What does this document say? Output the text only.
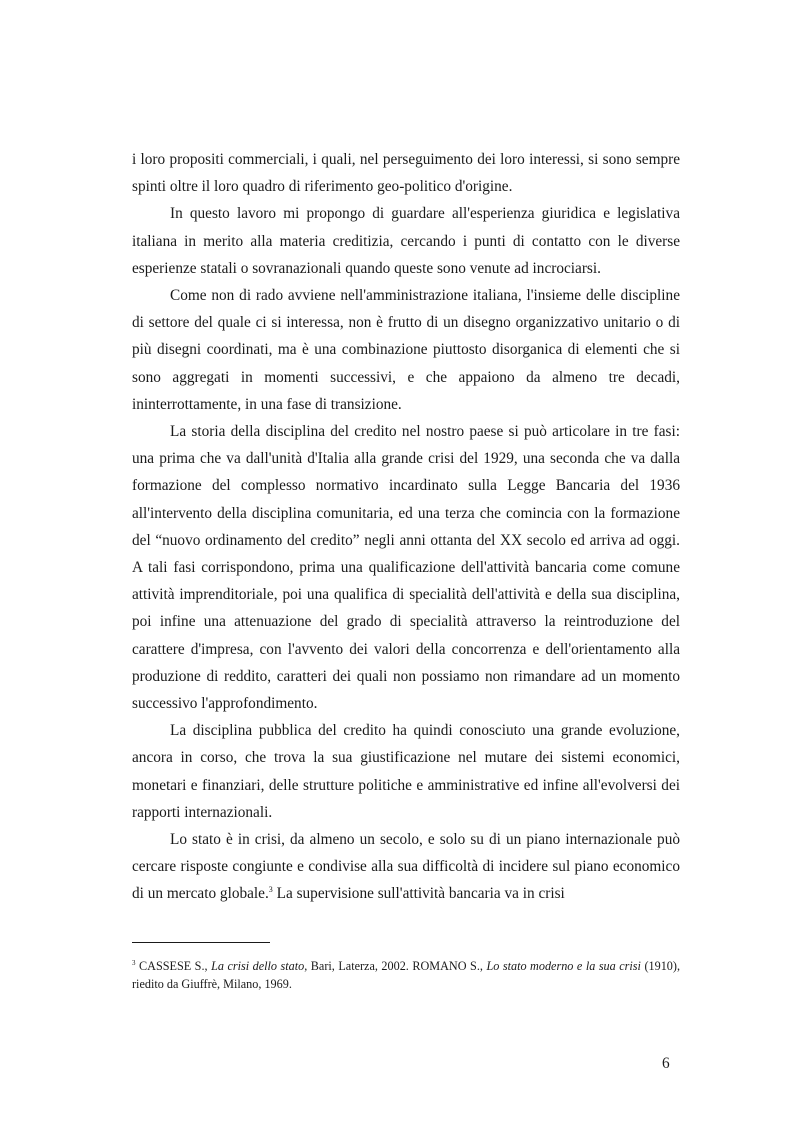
i loro propositi commerciali, i quali, nel perseguimento dei loro interessi, si sono sempre spinti oltre il loro quadro di riferimento geo-politico d'origine.

In questo lavoro mi propongo di guardare all'esperienza giuridica e legislativa italiana in merito alla materia creditizia, cercando i punti di contatto con le diverse esperienze statali o sovranazionali quando queste sono venute ad incrociarsi.

Come non di rado avviene nell'amministrazione italiana, l'insieme delle discipline di settore del quale ci si interessa, non è frutto di un disegno organizzativo unitario o di più disegni coordinati, ma è una combinazione piuttosto disorganica di elementi che si sono aggregati in momenti successivi, e che appaiono da almeno tre decadi, ininterrottamente, in una fase di transizione.

La storia della disciplina del credito nel nostro paese si può articolare in tre fasi: una prima che va dall'unità d'Italia alla grande crisi del 1929, una seconda che va dalla formazione del complesso normativo incardinato sulla Legge Bancaria del 1936 all'intervento della disciplina comunitaria, ed una terza che comincia con la formazione del “nuovo ordinamento del credito” negli anni ottanta del XX secolo ed arriva ad oggi. A tali fasi corrispondono, prima una qualificazione dell'attività bancaria come comune attività imprenditoriale, poi una qualifica di specialità dell'attività e della sua disciplina, poi infine una attenuazione del grado di specialità attraverso la reintroduzione del carattere d'impresa, con l'avvento dei valori della concorrenza e dell'orientamento alla produzione di reddito, caratteri dei quali non possiamo non rimandare ad un momento successivo l'approfondimento.

La disciplina pubblica del credito ha quindi conosciuto una grande evoluzione, ancora in corso, che trova la sua giustificazione nel mutare dei sistemi economici, monetari e finanziari, delle strutture politiche e amministrative ed infine all'evolversi dei rapporti internazionali.

Lo stato è in crisi, da almeno un secolo, e solo su di un piano internazionale può cercare risposte congiunte e condivise alla sua difficoltà di incidere sul piano economico di un mercato globale.$^3$ La supervisione sull'attività bancaria va in crisi

$^3$ CASSESE S., La crisi dello stato, Bari, Laterza, 2002. ROMANO S., Lo stato moderno e la sua crisi (1910), riedito da Giuffrè, Milano, 1969.
6
